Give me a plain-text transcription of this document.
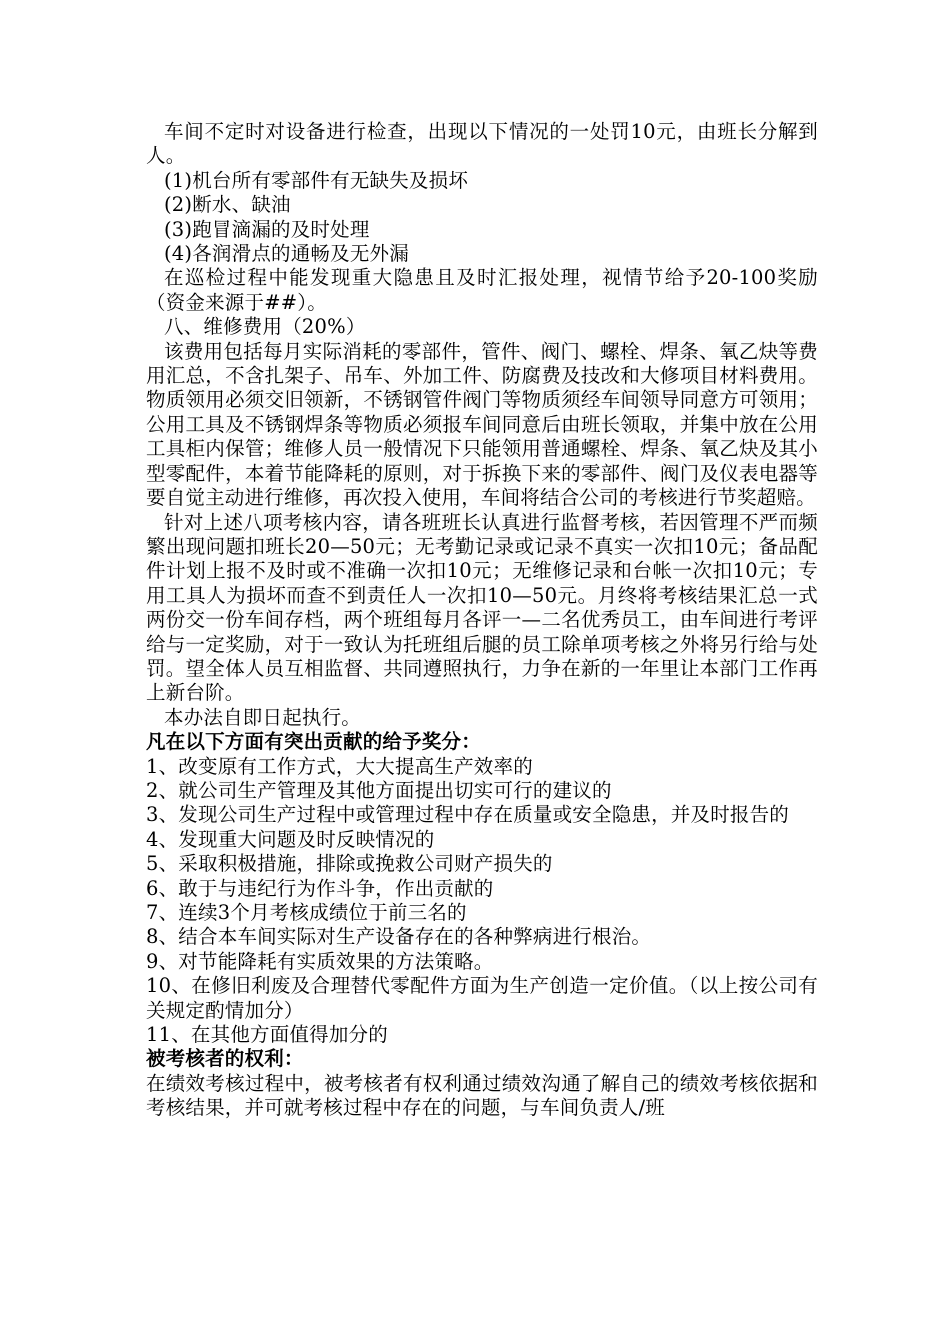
车间不定时对设备进行检查，出现以下情况的一处罚10元，由班长分解到人。

(1)机台所有零部件有无缺失及损坏

(2)断水、缺油

(3)跑冒滴漏的及时处理

(4)各润滑点的通畅及无外漏

在巡检过程中能发现重大隐患且及时汇报处理，视情节给予20-100奖励（资金来源于##）。

八、维修费用（20%）

该费用包括每月实际消耗的零部件，管件、阀门、螺栓、焊条、氧乙炔等费用汇总，不含扎架子、吊车、外加工件、防腐费及技改和大修项目材料费用。物质领用必须交旧领新，不锈钢管件阀门等物质须经车间领导同意方可领用；公用工具及不锈钢焊条等物质必须报车间同意后由班长领取，并集中放在公用工具柜内保管；维修人员一般情况下只能领用普通螺栓、焊条、氧乙炔及其小型零配件，本着节能降耗的原则，对于拆换下来的零部件、阀门及仪表电器等要自觉主动进行维修，再次投入使用，车间将结合公司的考核进行节奖超赔。

针对上述八项考核内容，请各班班长认真进行监督考核，若因管理不严而频繁出现问题扣班长20—50元；无考勤记录或记录不真实一次扣10元；备品配件计划上报不及时或不准确一次扣10元；无维修记录和台帐一次扣10元；专用工具人为损坏而查不到责任人一次扣10—50元。月终将考核结果汇总一式两份交一份车间存档，两个班组每月各评一—二名优秀员工，由车间进行考评给与一定奖励，对于一致认为托班组后腿的员工除单项考核之外将另行给与处罚。望全体人员互相监督、共同遵照执行，力争在新的一年里让本部门工作再上新台阶。

本办法自即日起执行。

凡在以下方面有突出贡献的给予奖分：

1、改变原有工作方式，大大提高生产效率的

2、就公司生产管理及其他方面提出切实可行的建议的

3、发现公司生产过程中或管理过程中存在质量或安全隐患，并及时报告的

4、发现重大问题及时反映情况的

5、采取积极措施，排除或挽救公司财产损失的

6、敢于与违纪行为作斗争，作出贡献的

7、连续3个月考核成绩位于前三名的

8、结合本车间实际对生产设备存在的各种弊病进行根治。

9、对节能降耗有实质效果的方法策略。

10、在修旧利废及合理替代零配件方面为生产创造一定价值。（以上按公司有关规定酌情加分）

11、在其他方面值得加分的

被考核者的权利：

在绩效考核过程中，被考核者有权利通过绩效沟通了解自己的绩效考核依据和考核结果，并可就考核过程中存在的问题，与车间负责人/班
